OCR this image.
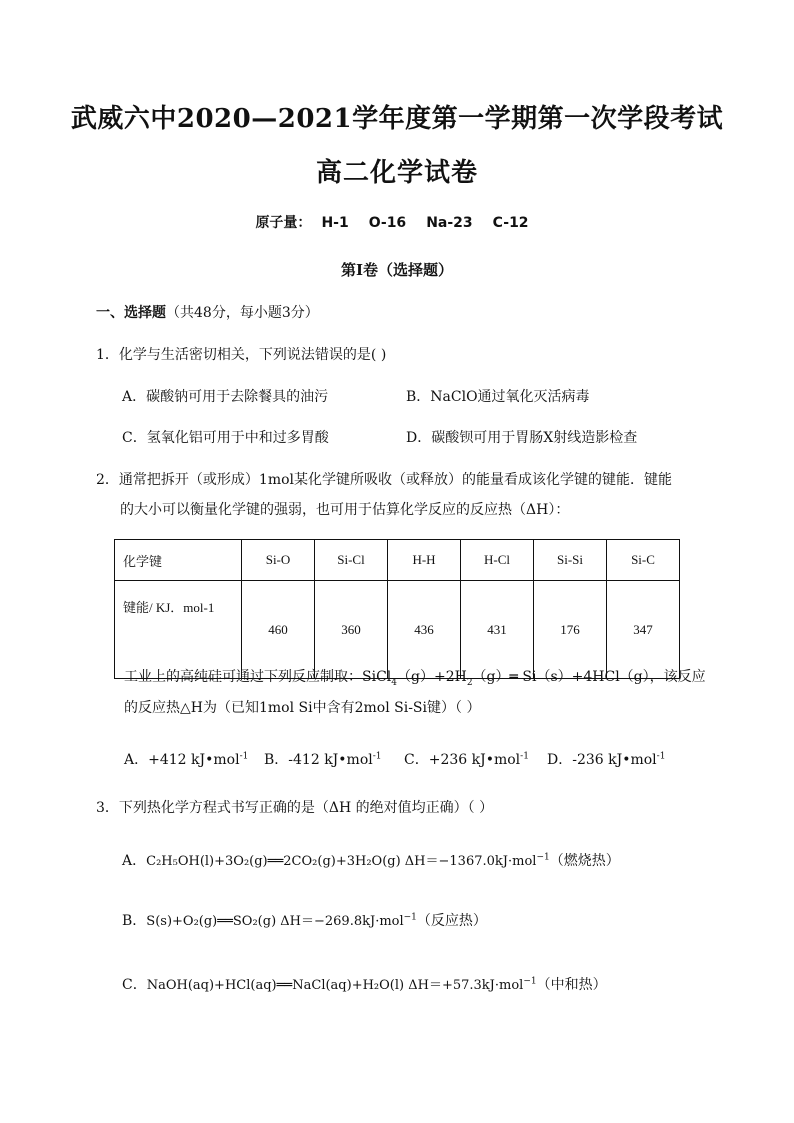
武威六中2020—2021学年度第一学期第一次学段考试
高二化学试卷
原子量： H-1 O-16 Na-23 C-12
第Ⅰ卷（选择题）
一、选择题（共48分，每小题3分）
1．化学与生活密切相关，下列说法错误的是( )
A．碳酸钠可用于去除餐具的油污	B．NaClO通过氧化灭活病毒
C．氢氧化铝可用于中和过多胃酸	D．碳酸钡可用于胃肠X射线造影检查
2．通常把拆开（或形成）1mol某化学键所吸收（或释放）的能量看成该化学键的键能．键能
的大小可以衡量化学键的强弱，也可用于估算化学反应的反应热（ΔH）：
化学键	Si-O	Si-Cl	H-H	H-Cl	Si-Si	Si-C
键能/ KJ．mol-1	460	360	436	431	176	347
工业上的高纯硅可通过下列反应制取：$SiCl_4(g)+2H_2(g)═$ Si（s）+4HCl（g），该反应
的反应热△H为（已知1mol Si中含有2mol Si-Si键）（ ）
A．+412 kJ•mol$^{-1}$ B．-412 kJ•mol$^{-1}$ C．+236 kJ•mol$^{-1}$ D．-236 kJ•mol$^{-1}$
3．下列热化学方程式书写正确的是（ΔH 的绝对值均正确）（ ）
A．C₂H₅OH(l)+3O₂(g)══2CO₂(g)+3H₂O(g) ΔH＝−1367.0kJ·mol$^{-1}$（燃烧热）
B．S(s)+O₂(g)══SO₂(g) ΔH＝−269.8kJ·mol$^{-1}$（反应热）
C．NaOH(aq)+HCl(aq)══NaCl(aq)+H₂O(l) ΔH＝+57.3kJ·mol$^{-1}$（中和热）
